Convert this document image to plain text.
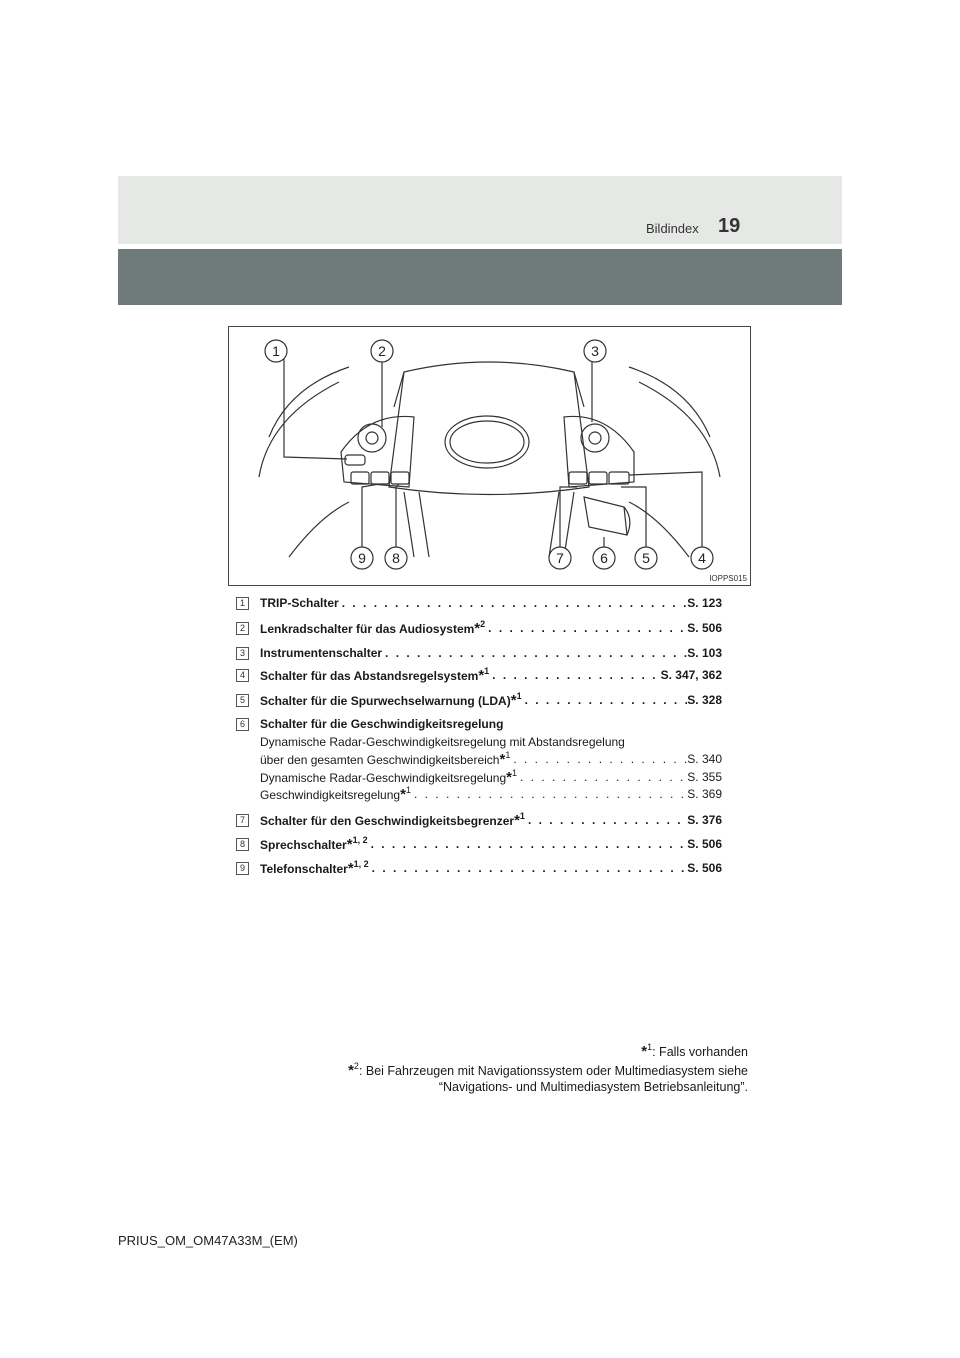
Bildindex 19
1	2	3
9 8	7	6 5	4
IOPPS015
1	TRIP-Schalter . . .	S. 123
2	Lenkradschalter für das Audiosystem*$^2$ . . .	S. 506
3	Instrumentenschalter . . .	S. 103
4	Schalter für das Abstandsregelsystem*$^1$ . . .	S. 347, 362
5	Schalter für die Spurwechselwarnung (LDA)*$^1$ . . .	S. 328
6	Schalter für die Geschwindigkeitsregelung
Dynamische Radar-Geschwindigkeitsregelung mit Abstandsregelung
über den gesamten Geschwindigkeitsbereich*$^1$ . . .	S. 340
Dynamische Radar-Geschwindigkeitsregelung*$^1$ . . .	S. 355
Geschwindigkeitsregelung*$^1$ . . .	S. 369
7	Schalter für den Geschwindigkeitsbegrenzer*$^1$ . . .	S. 376
8	Sprechschalter*$^{1, 2}$ . . .	S. 506
9	Telefonschalter*$^{1, 2}$ . . .	S. 506
*$^1$: Falls vorhanden
*$^2$: Bei Fahrzeugen mit Navigationssystem oder Multimediasystem siehe
“Navigations- und Multimediasystem Betriebsanleitung”.
PRIUS_OM_OM47A33M_(EM)
